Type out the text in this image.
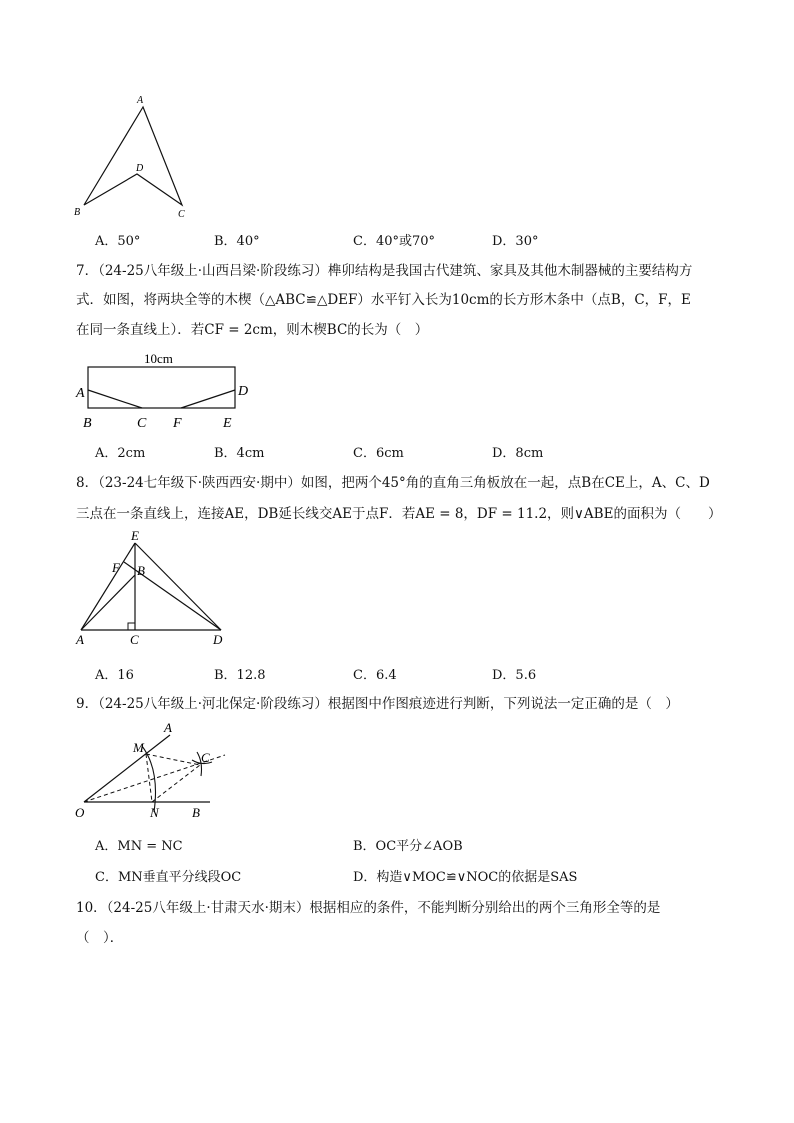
A
B
D
C
A．50°	B．40°	C．40°或70°	D．30°
7．（24-25八年级上·山西吕梁·阶段练习）榫卯结构是我国古代建筑、家具及其他木制器械的主要结构方
式．如图，将两块全等的木楔（△ABC≌△DEF）水平钉入长为10cm的长方形木条中（点B，C，F，E
在同一条直线上）．若CF = 2cm，则木楔BC的长为（　）
10cm
A
B	C F	E
D
A．2cm	B．4cm	C．6cm	D．8cm
8．（23-24七年级下·陕西西安·期中）如图，把两个45°角的直角三角板放在一起，点B在CE上，A、C、D
三点在一条直线上，连接AE，DB延长线交AE于点F．若AE = 8，DF = 11.2，则∨ABE的面积为（　　）
E
F B
A	C	D
A．16	B．12.8	C．6.4	D．5.6
9．（24-25八年级上·河北保定·阶段练习）根据图中作图痕迹进行判断，下列说法一定正确的是（　）
A
M
C
O	N	B
A．MN = NC	B．OC平分∠AOB
C．MN垂直平分线段OC	D．构造∨MOC≌∨NOC的依据是SAS
10．（24-25八年级上·甘肃天水·期末）根据相应的条件，不能判断分别给出的两个三角形全等的是
（　）．
